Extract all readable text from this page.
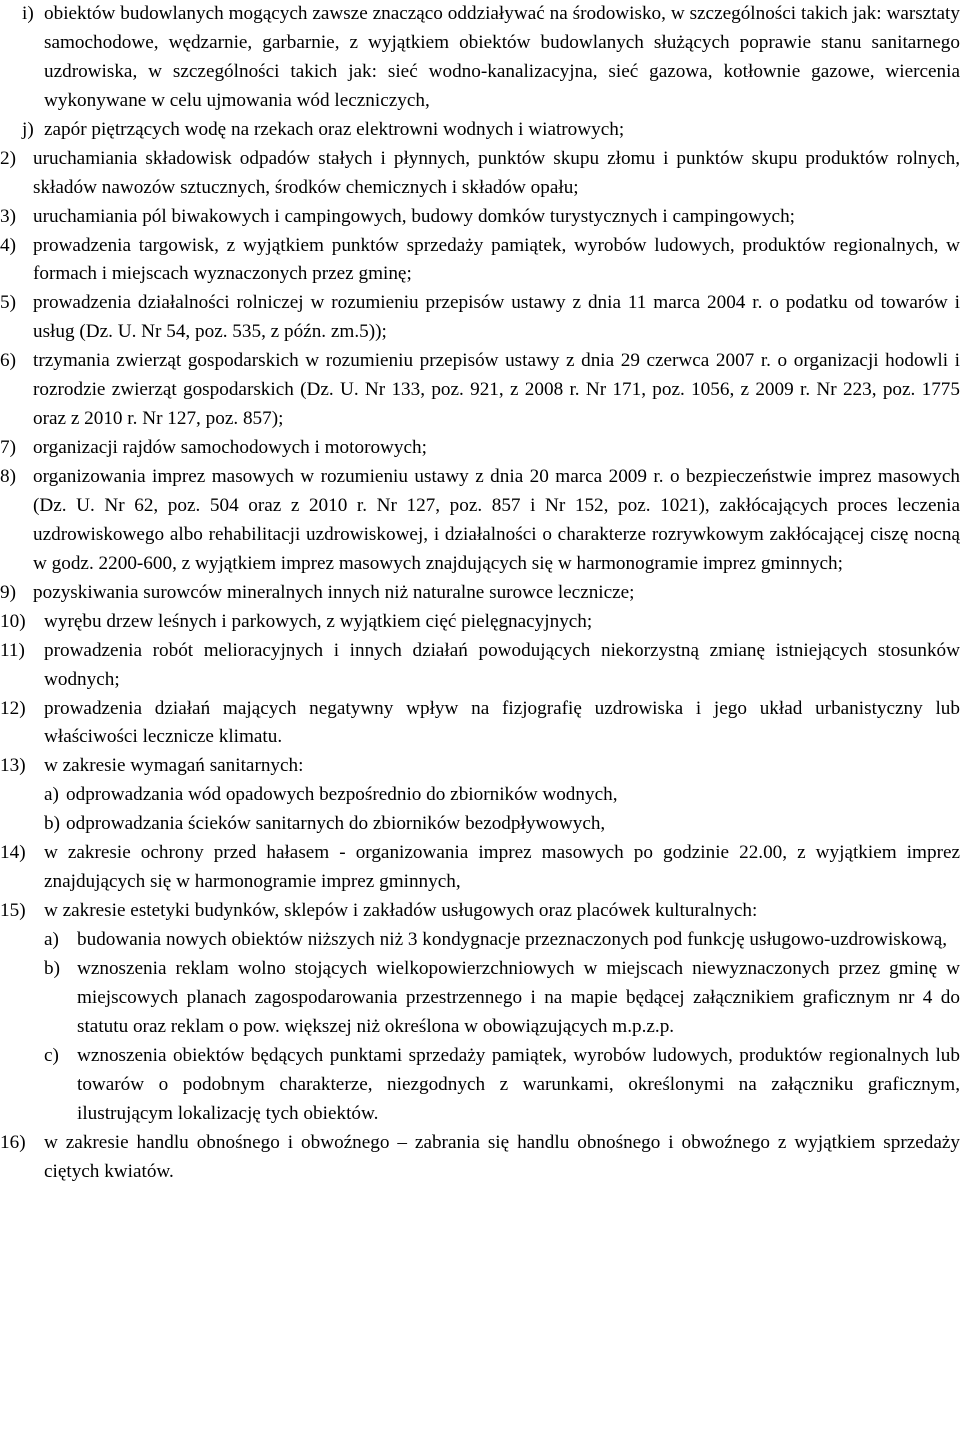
i) obiektów budowlanych mogących zawsze znacząco oddziaływać na środowisko, w szczególności takich jak: warsztaty samochodowe, wędzarnie, garbarnie, z wyjątkiem obiektów budowlanych służących poprawie stanu sanitarnego uzdrowiska, w szczególności takich jak: sieć wodno-kanalizacyjna, sieć gazowa, kotłownie gazowe, wiercenia wykonywane w celu ujmowania wód leczniczych,
j) zapór piętrzących wodę na rzekach oraz elektrowni wodnych i wiatrowych;
2) uruchamiania składowisk odpadów stałych i płynnych, punktów skupu złomu i punktów skupu produktów rolnych, składów nawozów sztucznych, środków chemicznych i składów opału;
3) uruchamiania pól biwakowych i campingowych, budowy domków turystycznych i campingowych;
4) prowadzenia targowisk, z wyjątkiem punktów sprzedaży pamiątek, wyrobów ludowych, produktów regionalnych, w formach i miejscach wyznaczonych przez gminę;
5) prowadzenia działalności rolniczej w rozumieniu przepisów ustawy z dnia 11 marca 2004 r. o podatku od towarów i usług (Dz. U. Nr 54, poz. 535, z późn. zm.5));
6) trzymania zwierząt gospodarskich w rozumieniu przepisów ustawy z dnia 29 czerwca 2007 r. o organizacji hodowli i rozrodzie zwierząt gospodarskich (Dz. U. Nr 133, poz. 921, z 2008 r. Nr 171, poz. 1056, z 2009 r. Nr 223, poz. 1775 oraz z 2010 r. Nr 127, poz. 857);
7) organizacji rajdów samochodowych i motorowych;
8) organizowania imprez masowych w rozumieniu ustawy z dnia 20 marca 2009 r. o bezpieczeństwie imprez masowych (Dz. U. Nr 62, poz. 504 oraz z 2010 r. Nr 127, poz. 857 i Nr 152, poz. 1021), zakłócających proces leczenia uzdrowiskowego albo rehabilitacji uzdrowiskowej, i działalności o charakterze rozrywkowym zakłócającej ciszę nocną w godz. 2200-600, z wyjątkiem imprez masowych znajdujących się w harmonogramie imprez gminnych;
9) pozyskiwania surowców mineralnych innych niż naturalne surowce lecznicze;
10) wyrębu drzew leśnych i parkowych, z wyjątkiem cięć pielęgnacyjnych;
11) prowadzenia robót melioracyjnych i innych działań powodujących niekorzystną zmianę istniejących stosunków wodnych;
12) prowadzenia działań mających negatywny wpływ na fizjografię uzdrowiska i jego układ urbanistyczny lub właściwości lecznicze klimatu.
13) w zakresie wymagań sanitarnych:
a) odprowadzania wód opadowych bezpośrednio do zbiorników wodnych,
b) odprowadzania ścieków sanitarnych do zbiorników bezodpływowych,
14) w zakresie ochrony przed hałasem - organizowania imprez masowych po godzinie 22.00, z wyjątkiem imprez znajdujących się w harmonogramie imprez gminnych,
15) w zakresie estetyki budynków, sklepów i zakładów usługowych oraz placówek kulturalnych:
a) budowania nowych obiektów niższych niż 3 kondygnacje przeznaczonych pod funkcję usługowo-uzdrowiskową,
b) wznoszenia reklam wolno stojących wielkopowierzchniowych w miejscach niewyznaczonych przez gminę w miejscowych planach zagospodarowania przestrzennego i na mapie będącej załącznikiem graficznym nr 4 do statutu oraz reklam o pow. większej niż określona w obowiązujących m.p.z.p.
c) wznoszenia obiektów będących punktami sprzedaży pamiątek, wyrobów ludowych, produktów regionalnych lub towarów o podobnym charakterze, niezgodnych z warunkami, określonymi na załączniku graficznym, ilustrującym lokalizację tych obiektów.
16) w zakresie handlu obnośnego i obwoźnego – zabrania się handlu obnośnego i obwoźnego z wyjątkiem sprzedaży ciętych kwiatów.
